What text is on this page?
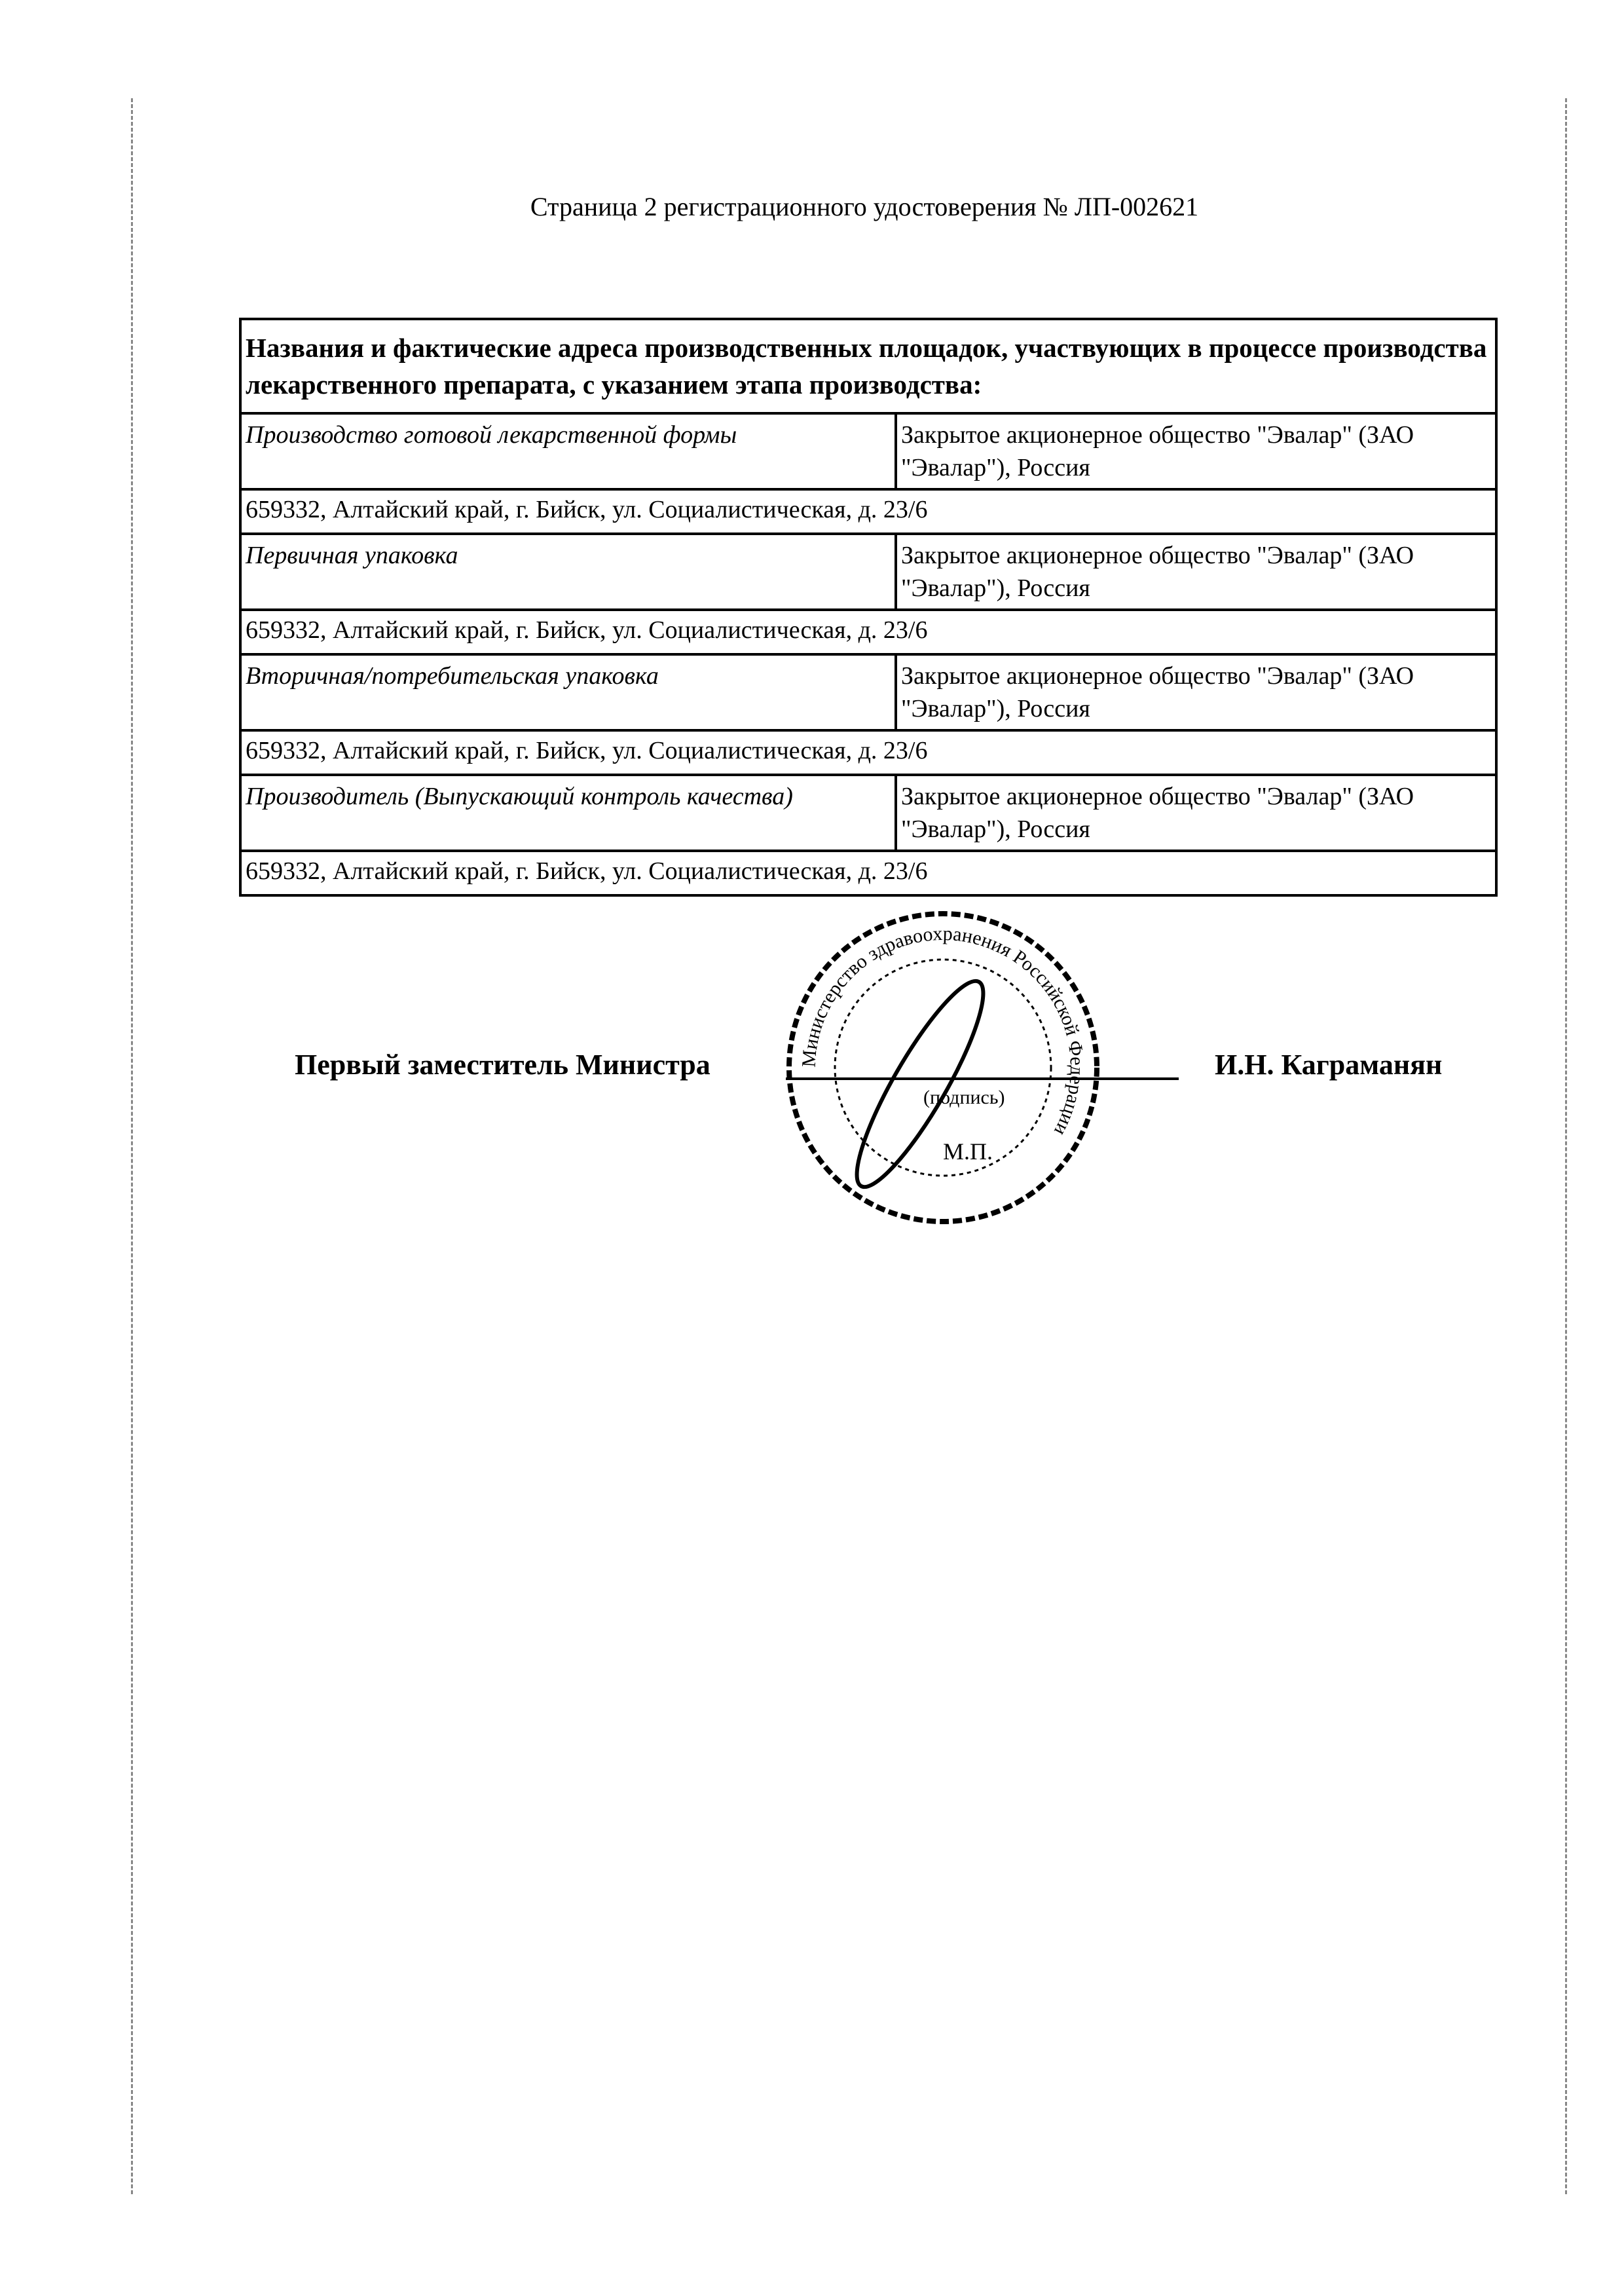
Страница 2 регистрационного удостоверения № ЛП-002621
Названия и фактические адреса производственных площадок, участвующих в процессе производства лекарственного препарата, с указанием этапа производства:	
Производство готовой лекарственной формы	Закрытое акционерное общество "Эвалар" (ЗАО "Эвалар"), Россия
659332, Алтайский край, г. Бийск, ул. Социалистическая, д. 23/6	
Первичная упаковка	Закрытое акционерное общество "Эвалар" (ЗАО "Эвалар"), Россия
659332, Алтайский край, г. Бийск, ул. Социалистическая, д. 23/6	
Вторичная/потребительская упаковка	Закрытое акционерное общество "Эвалар" (ЗАО "Эвалар"), Россия
659332, Алтайский край, г. Бийск, ул. Социалистическая, д. 23/6	
Производитель (Выпускающий контроль качества)	Закрытое акционерное общество "Эвалар" (ЗАО "Эвалар"), Россия
659332, Алтайский край, г. Бийск, ул. Социалистическая, д. 23/6	
Первый заместитель Министра	И.Н. Каграманян
Министерство здравоохранения Российской Федерации
(подпись)
М.П.
